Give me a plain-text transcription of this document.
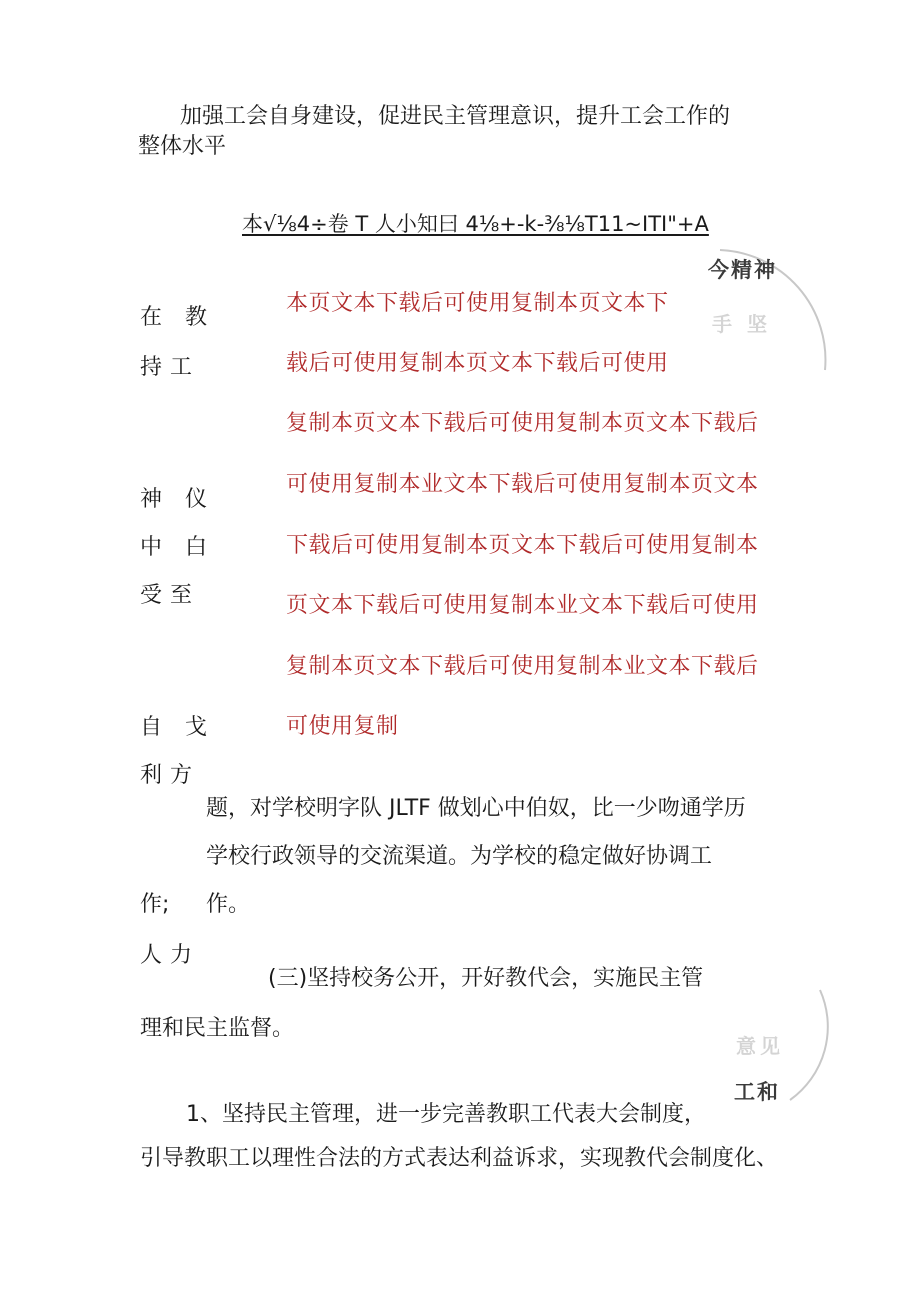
加强工会自身建设，促进民主管理意识，提升工会工作的
整体水平
本√⅛4÷卷 T 人小知曰 4⅛+-k-⅜⅛T11~ITI"+A
今精神
手 坚
在 教
持工
神 仪
中 白
受至
自 戈
利方
作;
人力
本页文本下载后可使用复制本页文本下
载后可使用复制本页文本下载后可使用
复制本页文本下载后可使用复制本页文本下载后
可使用复制本业文本下载后可使用复制本页文本
下载后可使用复制本页文本下载后可使用复制本
页文本下载后可使用复制本业文本下载后可使用
复制本页文本下载后可使用复制本业文本下载后
可使用复制
题，对学校明字队 JLTF 做划心中伯奴，比一少吻通学历
学校行政领导的交流渠道。为学校的稳定做好协调工
作。
(三)坚持校务公开，开好教代会，实施民主管
理和民主监督。
意见
工和
1、坚持民主管理，进一步完善教职工代表大会制度，
引导教职工以理性合法的方式表达利益诉求，实现教代会制度化、
